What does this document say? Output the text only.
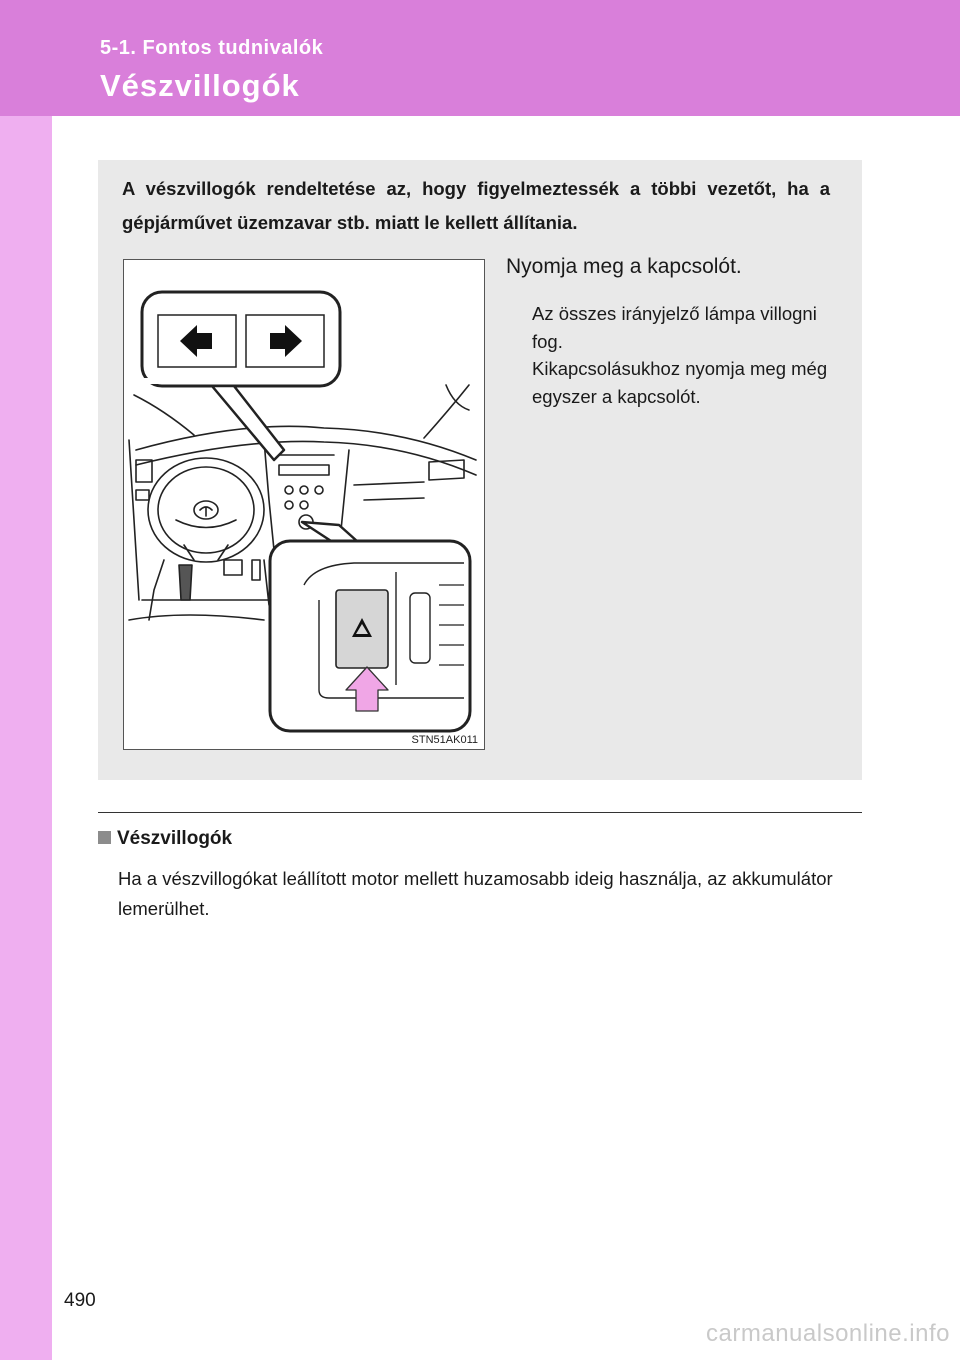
5-1. Fontos tudnivalók
Vészvillogók
A vészvillogók rendeltetése az, hogy figyelmeztessék a többi vezetőt, ha a gépjárművet üzemzavar stb. miatt le kellett állítania.
STN51AK011
Nyomja meg a kapcsolót.

Az összes irányjelző lámpa villogni fog.

Kikapcsolásukhoz nyomja meg még egyszer a kapcsolót.

Vészvillogók
Ha a vészvillogókat leállított motor mellett huzamosabb ideig használja, az akkumulátor lemerülhet.
490
carmanualsonline.info
